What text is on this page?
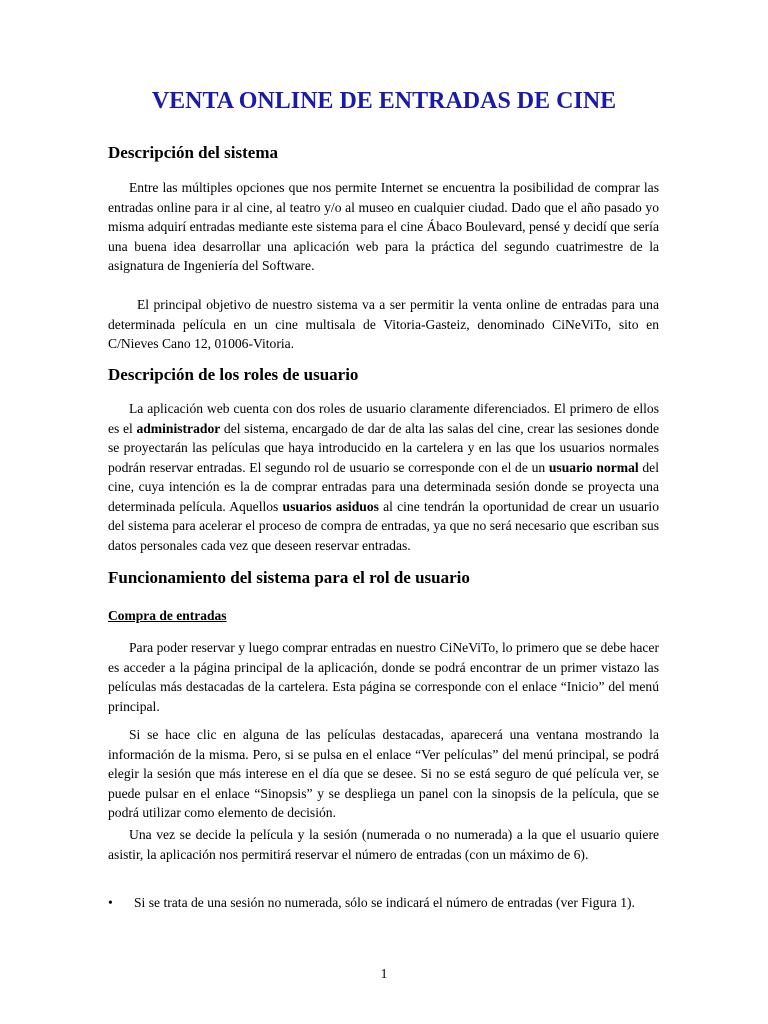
VENTA ONLINE DE ENTRADAS DE CINE
Descripción del sistema

Entre las múltiples opciones que nos permite Internet se encuentra la posibilidad de comprar las entradas online para ir al cine, al teatro y/o al museo en cualquier ciudad. Dado que el año pasado yo misma adquirí entradas mediante este sistema para el cine Ábaco Boulevard, pensé y decidí que sería una buena idea desarrollar una aplicación web para la práctica del segundo cuatrimestre de la asignatura de Ingeniería del Software.

El principal objetivo de nuestro sistema va a ser permitir la venta online de entradas para una determinada película en un cine multisala de Vitoria-Gasteiz, denominado CiNeViTo, sito en C/Nieves Cano 12, 01006-Vitoria.

Descripción de los roles de usuario

La aplicación web cuenta con dos roles de usuario claramente diferenciados. El primero de ellos es el administrador del sistema, encargado de dar de alta las salas del cine, crear las sesiones donde se proyectarán las películas que haya introducido en la cartelera y en las que los usuarios normales podrán reservar entradas. El segundo rol de usuario se corresponde con el de un usuario normal del cine, cuya intención es la de comprar entradas para una determinada sesión donde se proyecta una determinada película. Aquellos usuarios asiduos al cine tendrán la oportunidad de crear un usuario del sistema para acelerar el proceso de compra de entradas, ya que no será necesario que escriban sus datos personales cada vez que deseen reservar entradas.

Funcionamiento del sistema para el rol de usuario
Compra de entradas

Para poder reservar y luego comprar entradas en nuestro CiNeViTo, lo primero que se debe hacer es acceder a la página principal de la aplicación, donde se podrá encontrar de un primer vistazo las películas más destacadas de la cartelera. Esta página se corresponde con el enlace “Inicio” del menú principal.

Si se hace clic en alguna de las películas destacadas, aparecerá una ventana mostrando la información de la misma. Pero, si se pulsa en el enlace “Ver películas” del menú principal, se podrá elegir la sesión que más interese en el día que se desee. Si no se está seguro de qué película ver, se puede pulsar en el enlace “Sinopsis” y se despliega un panel con la sinopsis de la película, que se podrá utilizar como elemento de decisión.

Una vez se decide la película y la sesión (numerada o no numerada) a la que el usuario quiere asistir, la aplicación nos permitirá reservar el número de entradas (con un máximo de 6).

•	Si se trata de una sesión no numerada, sólo se indicará el número de entradas (ver Figura 1).
1
